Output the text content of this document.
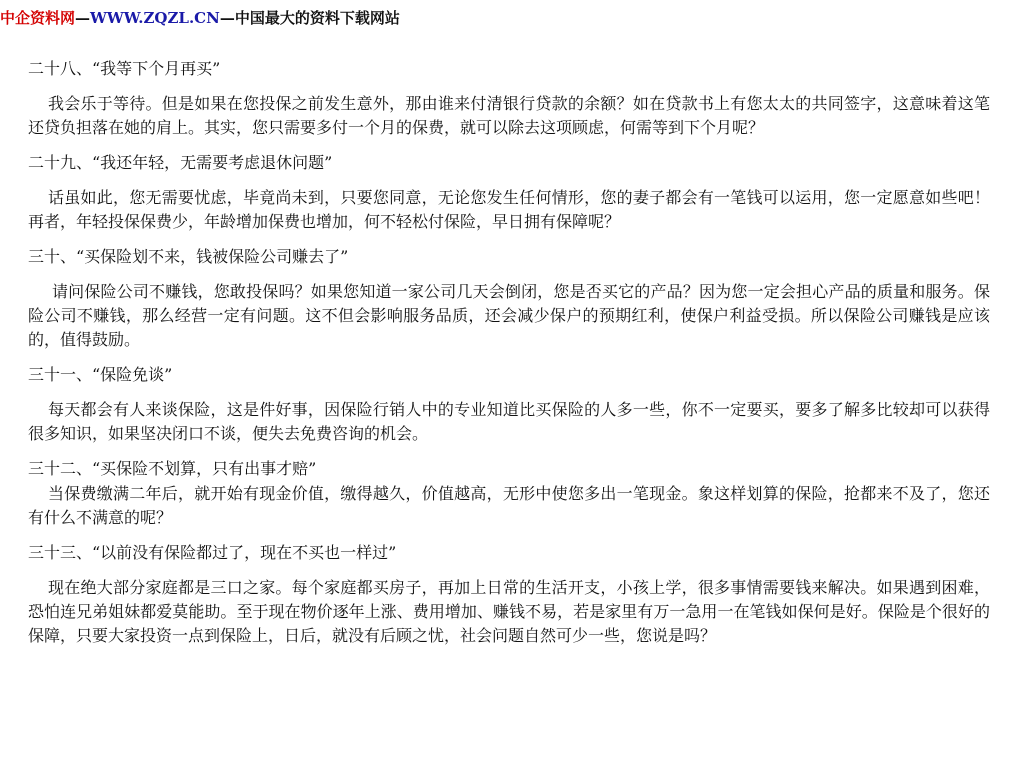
中企资料网—WWW.ZQZL.CN—中国最大的资料下载网站
二十八、“我等下个月再买”
我会乐于等待。但是如果在您投保之前发生意外，那由谁来付清银行贷款的余额？如在贷款书上有您太太的共同签字，这意味着这笔还贷负担落在她的肩上。其实，您只需要多付一个月的保费，就可以除去这项顾虑，何需等到下个月呢？
二十九、“我还年轻，无需要考虑退休问题”
话虽如此，您无需要忧虑，毕竟尚未到，只要您同意，无论您发生任何情形，您的妻子都会有一笔钱可以运用，您一定愿意如些吧！再者，年轻投保保费少，年龄增加保费也增加，何不轻松付保险，早日拥有保障呢？
三十、“买保险划不来，钱被保险公司赚去了”
请问保险公司不赚钱，您敢投保吗？如果您知道一家公司几天会倒闭，您是否买它的产品？因为您一定会担心产品的质量和服务。保险公司不赚钱，那么经营一定有问题。这不但会影响服务品质，还会减少保户的预期红利，使保户利益受损。所以保险公司赚钱是应该的，值得鼓励。
三十一、“保险免谈”
每天都会有人来谈保险，这是件好事，因保险行销人中的专业知道比买保险的人多一些，你不一定要买，要多了解多比较却可以获得很多知识，如果坚决闭口不谈，便失去免费咨询的机会。
三十二、“买保险不划算，只有出事才赔”
当保费缴满二年后，就开始有现金价值，缴得越久，价值越高，无形中使您多出一笔现金。象这样划算的保险，抢都来不及了，您还有什么不满意的呢？
三十三、“以前没有保险都过了，现在不买也一样过”
现在绝大部分家庭都是三口之家。每个家庭都买房子，再加上日常的生活开支，小孩上学，很多事情需要钱来解决。如果遇到困难，恐怕连兄弟姐妹都爱莫能助。至于现在物价逐年上涨、费用增加、赚钱不易，若是家里有万一急用一在笔钱如保何是好。保险是个很好的保障，只要大家投资一点到保险上，日后，就没有后顾之忧，社会问题自然可少一些，您说是吗？
